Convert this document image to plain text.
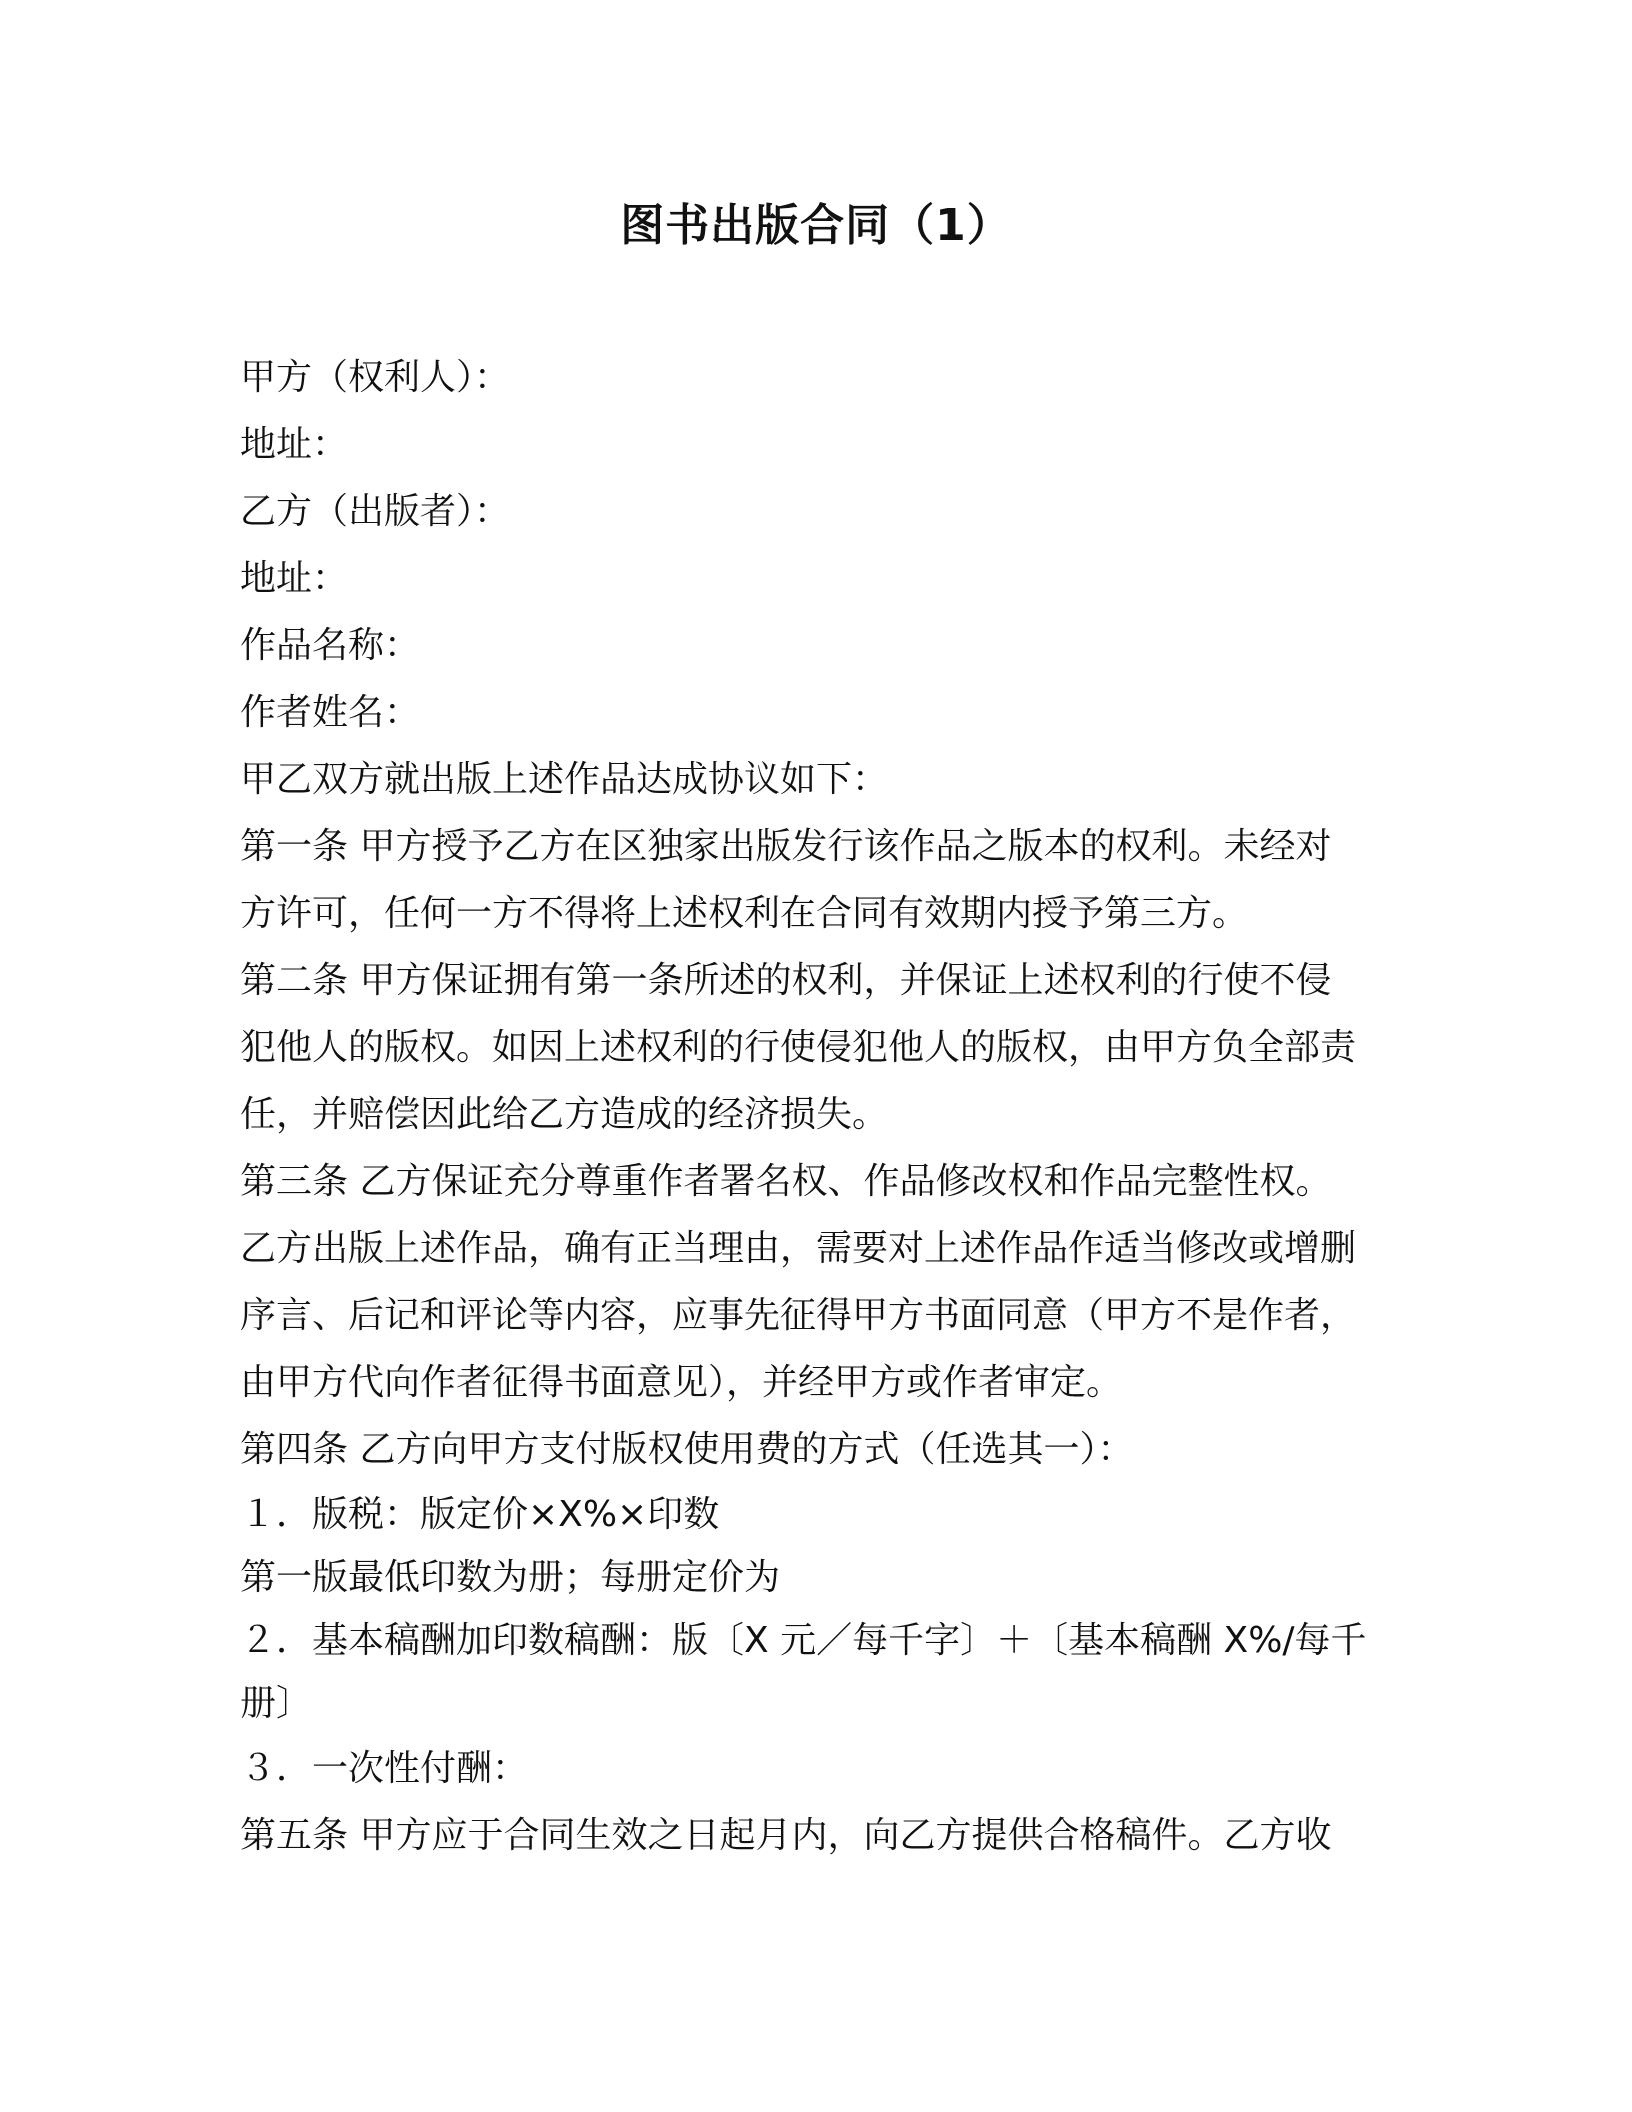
图书出版合同（1）
甲方（权利人）：
地址：
乙方（出版者）：
地址：
作品名称：
作者姓名：
甲乙双方就出版上述作品达成协议如下：
第一条 甲方授予乙方在区独家出版发行该作品之版本的权利。未经对
方许可，任何一方不得将上述权利在合同有效期内授予第三方。
第二条 甲方保证拥有第一条所述的权利，并保证上述权利的行使不侵
犯他人的版权。如因上述权利的行使侵犯他人的版权，由甲方负全部责
任，并赔偿因此给乙方造成的经济损失。
第三条 乙方保证充分尊重作者署名权、作品修改权和作品完整性权。
乙方出版上述作品，确有正当理由，需要对上述作品作适当修改或增删
序言、后记和评论等内容，应事先征得甲方书面同意（甲方不是作者，
由甲方代向作者征得书面意见），并经甲方或作者审定。
第四条 乙方向甲方支付版权使用费的方式（任选其一）：
１．版税：版定价×X%×印数
第一版最低印数为册；每册定价为
２．基本稿酬加印数稿酬：版〔X 元／每千字〕＋〔基本稿酬 X%/每千
册〕
３．一次性付酬：
第五条 甲方应于合同生效之日起月内，向乙方提供合格稿件。乙方收
